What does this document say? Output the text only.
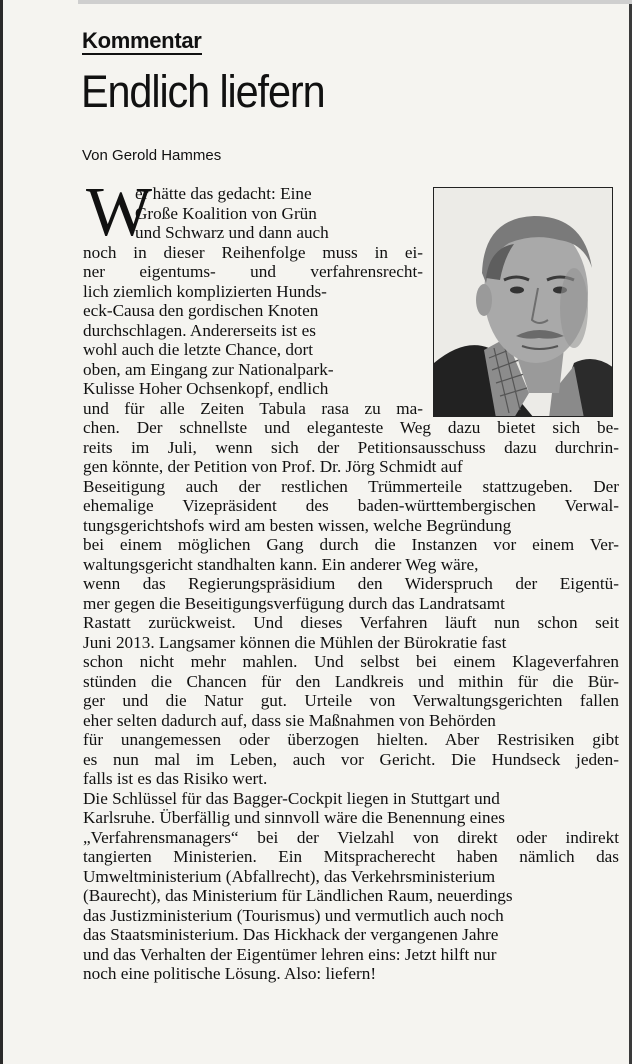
Kommentar
Endlich liefern
Von Gerold Hammes
W
er hätte das gedacht: Eine
Große Koalition von Grün
und Schwarz und dann auch
noch in dieser Reihenfolge muss in ei-
ner eigentums- und verfahrensrecht-
lich ziemlich komplizierten Hunds-
eck-Causa den gordischen Knoten
durchschlagen. Andererseits ist es
wohl auch die letzte Chance, dort
oben, am Eingang zur Nationalpark-
Kulisse Hoher Ochsenkopf, endlich
und für alle Zeiten Tabula rasa zu ma-
chen. Der schnellste und eleganteste Weg dazu bietet sich be-
reits im Juli, wenn sich der Petitionsausschuss dazu durchrin-
gen könnte, der Petition von Prof. Dr. Jörg Schmidt auf
Beseitigung auch der restlichen Trümmerteile stattzugeben. Der
ehemalige Vizepräsident des baden-württembergischen Verwal-
tungsgerichtshofs wird am besten wissen, welche Begründung
bei einem möglichen Gang durch die Instanzen vor einem Ver-
waltungsgericht standhalten kann. Ein anderer Weg wäre,
wenn das Regierungspräsidium den Widerspruch der Eigentü-
mer gegen die Beseitigungsverfügung durch das Landratsamt
Rastatt zurückweist. Und dieses Verfahren läuft nun schon seit
Juni 2013. Langsamer können die Mühlen der Bürokratie fast
schon nicht mehr mahlen. Und selbst bei einem Klageverfahren
stünden die Chancen für den Landkreis und mithin für die Bür-
ger und die Natur gut. Urteile von Verwaltungsgerichten fallen
eher selten dadurch auf, dass sie Maßnahmen von Behörden
für unangemessen oder überzogen hielten. Aber Restrisiken gibt
es nun mal im Leben, auch vor Gericht. Die Hundseck jeden-
falls ist es das Risiko wert.
Die Schlüssel für das Bagger-Cockpit liegen in Stuttgart und
Karlsruhe. Überfällig und sinnvoll wäre die Benennung eines
„Verfahrensmanagers“ bei der Vielzahl von direkt oder indirekt
tangierten Ministerien. Ein Mitspracherecht haben nämlich das
Umweltministerium (Abfallrecht), das Verkehrsministerium
(Baurecht), das Ministerium für Ländlichen Raum, neuerdings
das Justizministerium (Tourismus) und vermutlich auch noch
das Staatsministerium. Das Hickhack der vergangenen Jahre
und das Verhalten der Eigentümer lehren eins: Jetzt hilft nur
noch eine politische Lösung. Also: liefern!
